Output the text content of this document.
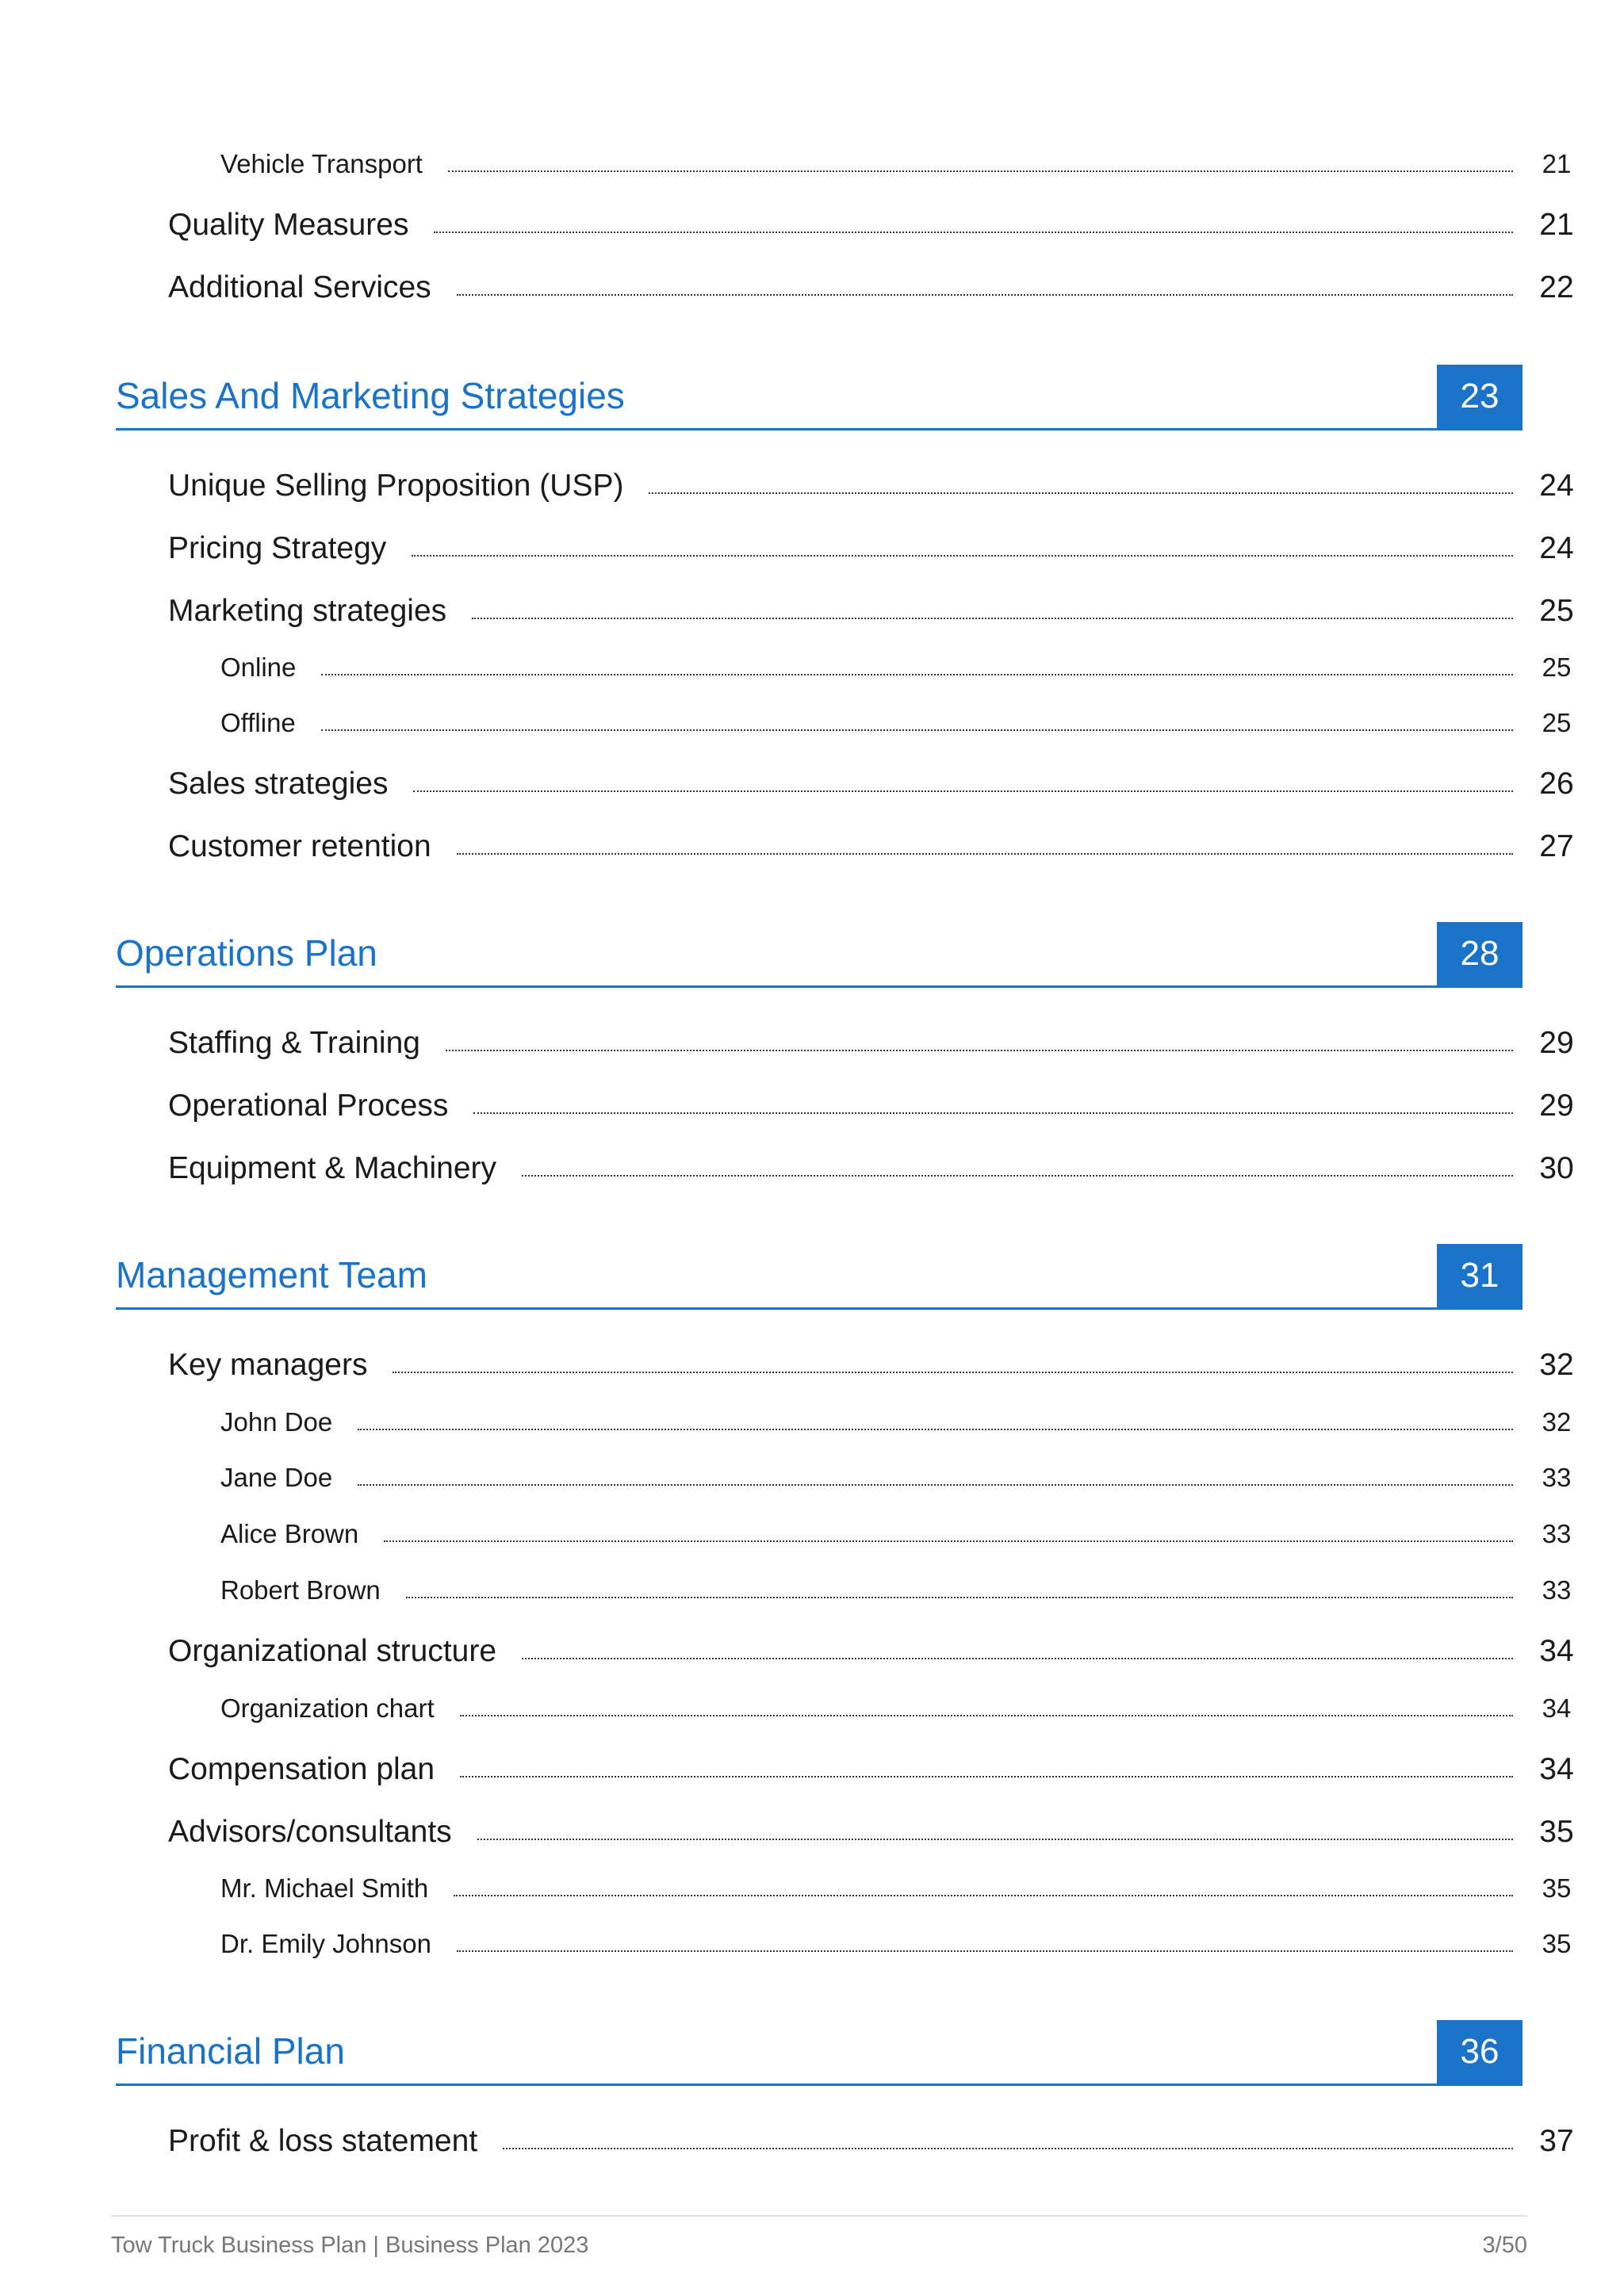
Vehicle Transport	21
Quality Measures	21
Additional Services	22
Sales And Marketing Strategies	23
Unique Selling Proposition (USP)	24
Pricing Strategy	24
Marketing strategies	25
Online	25
Offline	25
Sales strategies	26
Customer retention	27
Operations Plan	28
Staffing & Training	29
Operational Process	29
Equipment & Machinery	30
Management Team	31
Key managers	32
John Doe	32
Jane Doe	33
Alice Brown	33
Robert Brown	33
Organizational structure	34
Organization chart	34
Compensation plan	34
Advisors/consultants	35
Mr. Michael Smith	35
Dr. Emily Johnson	35
Financial Plan	36
Profit & loss statement	37
Tow Truck Business Plan | Business Plan 2023	3/50
